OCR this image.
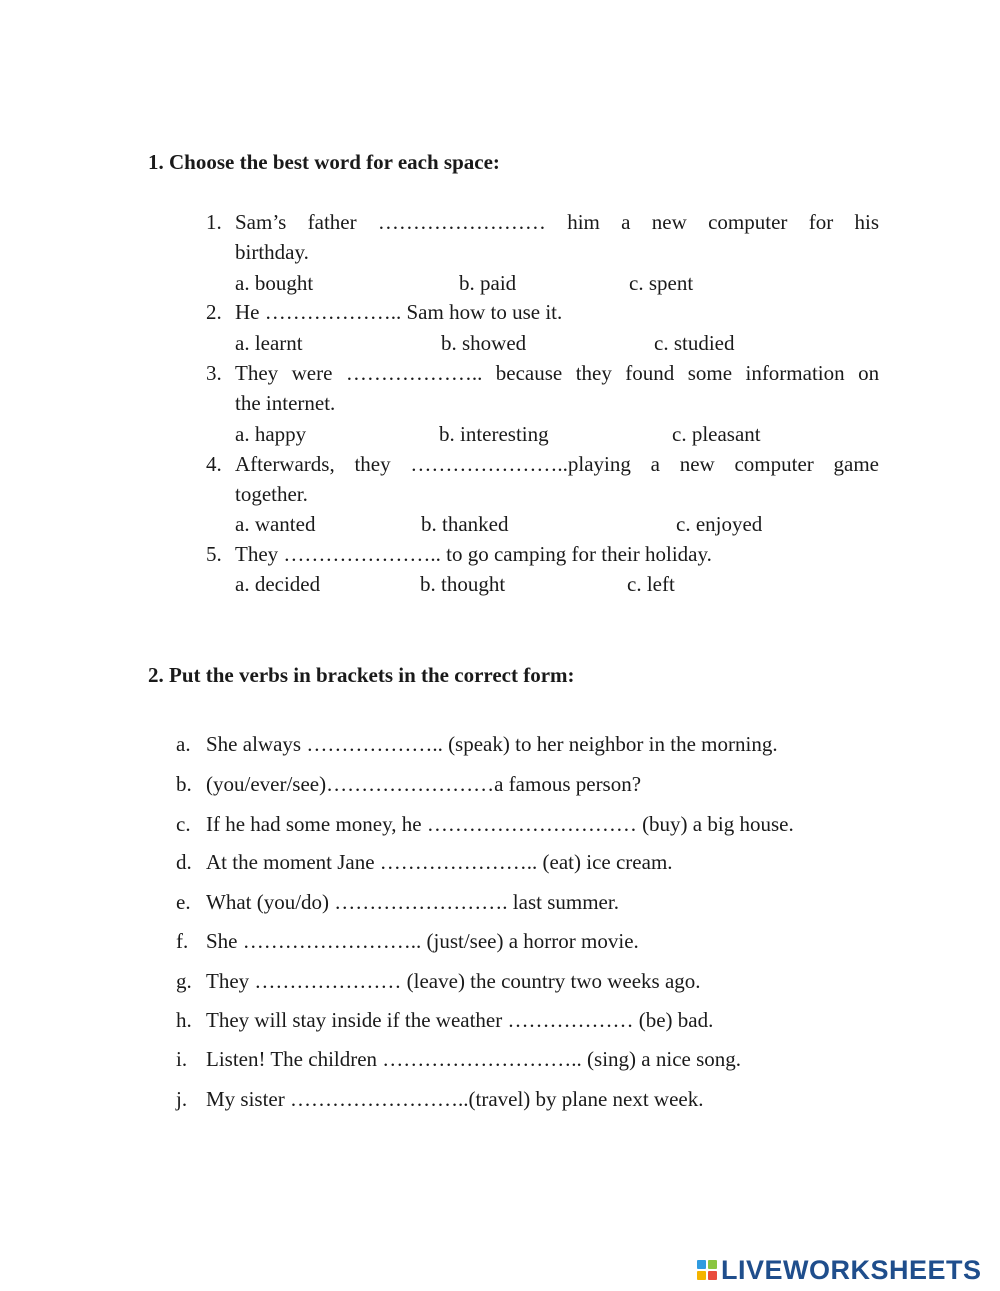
1. Choose the best word for each space:
1. Sam’s father …………………… him a new computer for his
birthday.
a. bought	b. paid	c. spent
2. He ……………….. Sam how to use it.
a. learnt	b. showed	c. studied
3. They were ……………….. because they found some information on
the internet.
a. happy	b. interesting	c. pleasant
4. Afterwards, they …………………..playing a new computer game
together.
a. wanted	b. thanked	c. enjoyed
5. They ………………….. to go camping for their holiday.
a. decided	b. thought	c. left
2. Put the verbs in brackets in the correct form:
a. She always ……………….. (speak) to her neighbor in the morning.
b. (you/ever/see)……………………a famous person?
c. If he had some money, he ………………………… (buy) a big house.
d. At the moment Jane ………………….. (eat) ice cream.
e. What (you/do) ……………………. last summer.
f. She …………………….. (just/see) a horror movie.
g. They ………………… (leave) the country two weeks ago.
h. They will stay inside if the weather ……………… (be) bad.
i. Listen! The children ……………………….. (sing) a nice song.
j. My sister ……………………..(travel) by plane next week.
LIVEWORKSHEETS
